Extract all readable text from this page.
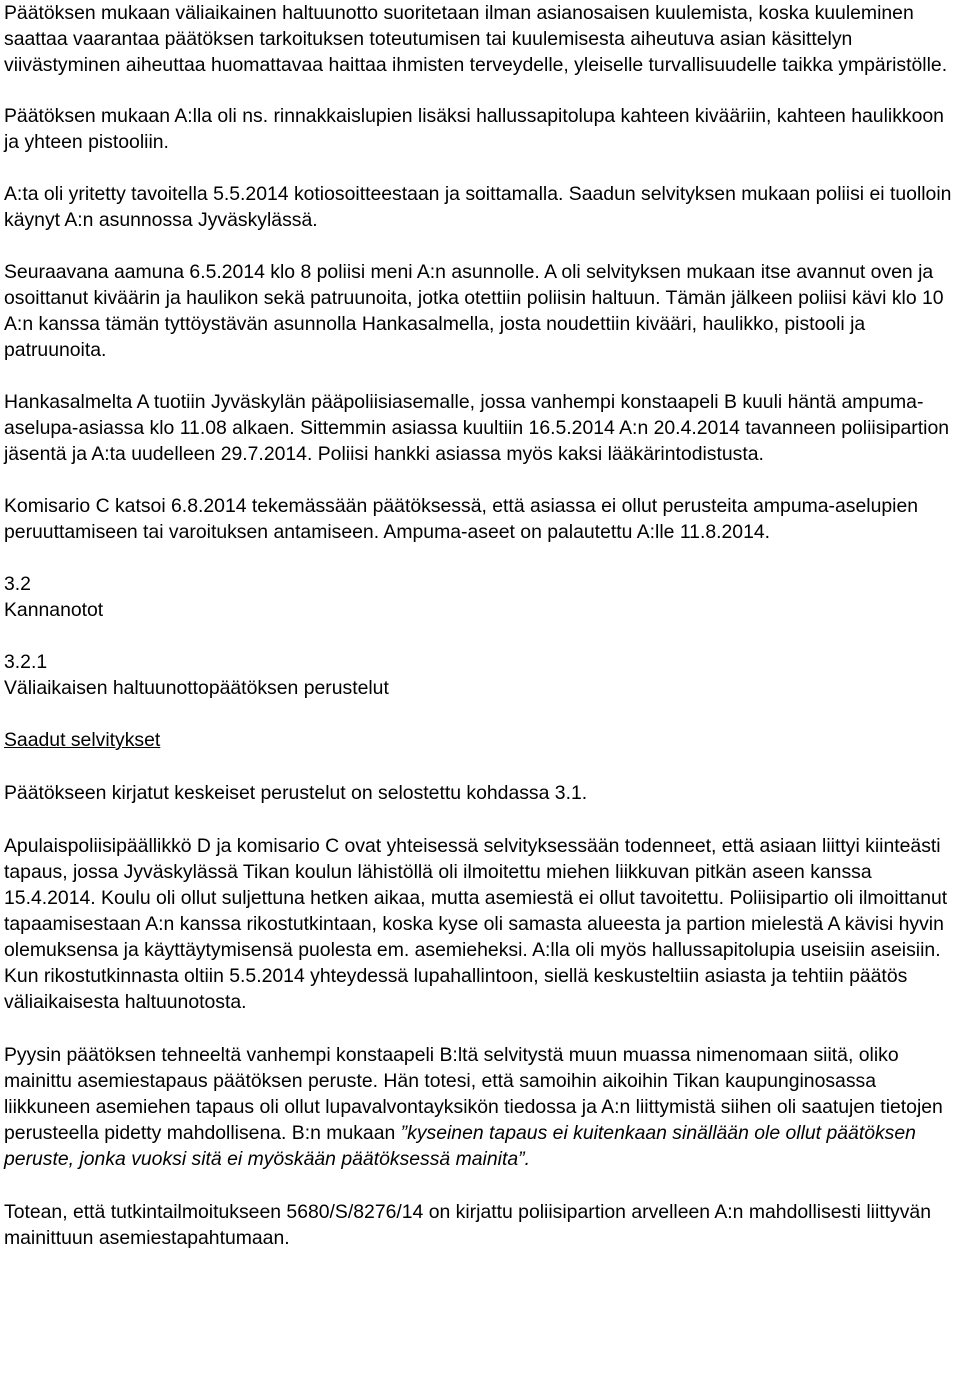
Päätöksen mukaan väliaikainen haltuunotto suoritetaan ilman asianosaisen kuulemista, koska kuuleminen saattaa vaarantaa päätöksen tarkoituksen toteutumisen tai kuulemisesta aiheutuva asian käsittelyn viivästyminen aiheuttaa huomattavaa haittaa ihmisten terveydelle, yleiselle turvallisuudelle taikka ympäristölle.

Päätöksen mukaan A:lla oli ns. rinnakkaislupien lisäksi hallussapitolupa kahteen kivääriin, kahteen haulikkoon ja yhteen pistooliin.

A:ta oli yritetty tavoitella 5.5.2014 kotiosoitteestaan ja soittamalla. Saadun selvityksen mukaan poliisi ei tuolloin käynyt A:n asunnossa Jyväskylässä.

Seuraavana aamuna 6.5.2014 klo 8 poliisi meni A:n asunnolle. A oli selvityksen mukaan itse avannut oven ja osoittanut kiväärin ja haulikon sekä patruunoita, jotka otettiin poliisin haltuun. Tämän jälkeen poliisi kävi klo 10 A:n kanssa tämän tyttöystävän asunnolla Hankasalmella, josta noudettiin kivääri, haulikko, pistooli ja patruunoita.

Hankasalmelta A tuotiin Jyväskylän pääpoliisiasemalle, jossa vanhempi konstaapeli B kuuli häntä ampuma-aselupa-asiassa klo 11.08 alkaen. Sittemmin asiassa kuultiin 16.5.2014 A:n 20.4.2014 tavanneen poliisipartion jäsentä ja A:ta uudelleen 29.7.2014. Poliisi hankki asiassa myös kaksi lääkärintodistusta.

Komisario C katsoi 6.8.2014 tekemässään päätöksessä, että asiassa ei ollut perusteita ampuma-aselupien peruuttamiseen tai varoituksen antamiseen. Ampuma-aseet on palautettu A:lle 11.8.2014.

3.2

Kannanotot

3.2.1

Väliaikaisen haltuunottopäätöksen perustelut

Saadut selvitykset

Päätökseen kirjatut keskeiset perustelut on selostettu kohdassa 3.1.

Apulaispoliisipäällikkö D ja komisario C ovat yhteisessä selvityksessään todenneet, että asiaan liittyi kiinteästi tapaus, jossa Jyväskylässä Tikan koulun lähistöllä oli ilmoitettu miehen liikkuvan pitkän aseen kanssa 15.4.2014. Koulu oli ollut suljettuna hetken aikaa, mutta asemiestä ei ollut tavoitettu. Poliisipartio oli ilmoittanut tapaamisestaan A:n kanssa rikostutkintaan, koska kyse oli samasta alueesta ja partion mielestä A kävisi hyvin olemuksensa ja käyttäytymisensä puolesta em. asemieheksi. A:lla oli myös hallussapitolupia useisiin aseisiin. Kun rikostutkinnasta oltiin 5.5.2014 yhteydessä lupahallintoon, siellä keskusteltiin asiasta ja tehtiin päätös väliaikaisesta haltuunotosta.

Pyysin päätöksen tehneeltä vanhempi konstaapeli B:ltä selvitystä muun muassa nimenomaan siitä, oliko mainittu asemiestapaus päätöksen peruste. Hän totesi, että samoihin aikoihin Tikan kaupunginosassa liikkuneen asemiehen tapaus oli ollut lupavalvontayksikön tiedossa ja A:n liittymistä siihen oli saatujen tietojen perusteella pidetty mahdollisena. B:n mukaan ”kyseinen tapaus ei kuitenkaan sinällään ole ollut päätöksen peruste, jonka vuoksi sitä ei myöskään päätöksessä mainita”.

Totean, että tutkintailmoitukseen 5680/S/8276/14 on kirjattu poliisipartion arvelleen A:n mahdollisesti liittyvän mainittuun asemiestapahtumaan.
